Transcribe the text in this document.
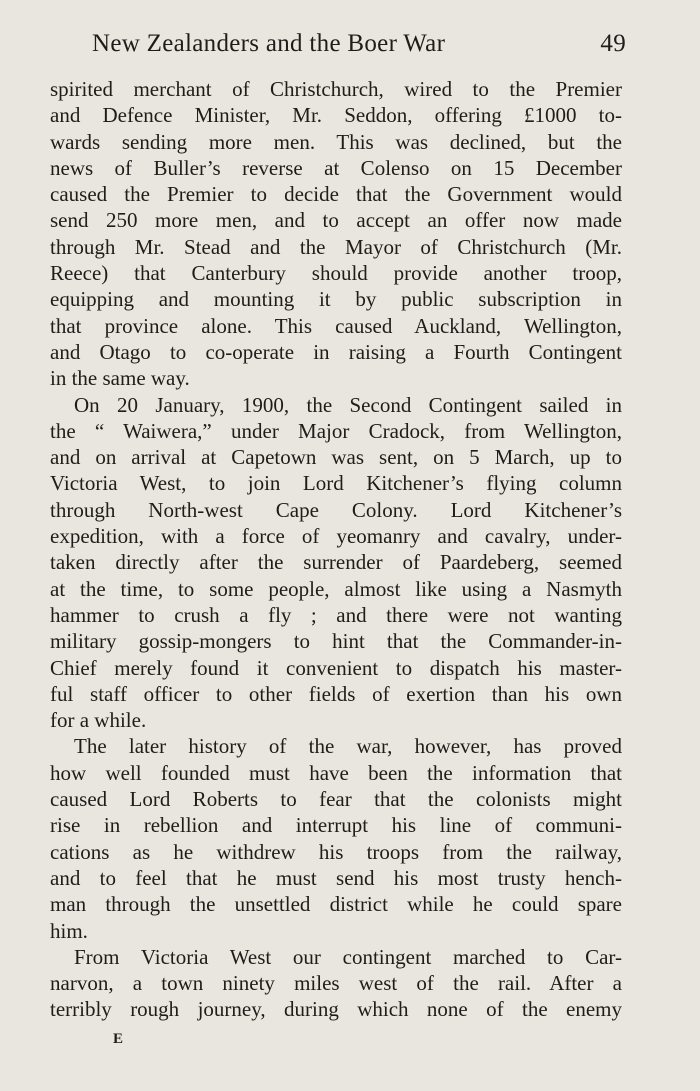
New Zealanders and the Boer War	49
spirited merchant of Christchurch, wired to the Premier
and Defence Minister, Mr. Seddon, offering £1000 to-
wards sending more men. This was declined, but the
news of Buller’s reverse at Colenso on 15 December
caused the Premier to decide that the Government would
send 250 more men, and to accept an offer now made
through Mr. Stead and the Mayor of Christchurch (Mr.
Reece) that Canterbury should provide another troop,
equipping and mounting it by public subscription in
that province alone. This caused Auckland, Wellington,
and Otago to co-operate in raising a Fourth Contingent
in the same way.
On 20 January, 1900, the Second Contingent sailed in
the “ Waiwera,” under Major Cradock, from Wellington,
and on arrival at Capetown was sent, on 5 March, up to
Victoria West, to join Lord Kitchener’s flying column
through North-west Cape Colony. Lord Kitchener’s
expedition, with a force of yeomanry and cavalry, under-
taken directly after the surrender of Paardeberg, seemed
at the time, to some people, almost like using a Nasmyth
hammer to crush a fly ; and there were not wanting
military gossip-mongers to hint that the Commander-in-
Chief merely found it convenient to dispatch his master-
ful staff officer to other fields of exertion than his own
for a while.
The later history of the war, however, has proved
how well founded must have been the information that
caused Lord Roberts to fear that the colonists might
rise in rebellion and interrupt his line of communi-
cations as he withdrew his troops from the railway,
and to feel that he must send his most trusty hench-
man through the unsettled district while he could spare
him.
From Victoria West our contingent marched to Car-
narvon, a town ninety miles west of the rail. After a
terribly rough journey, during which none of the enemy
E
